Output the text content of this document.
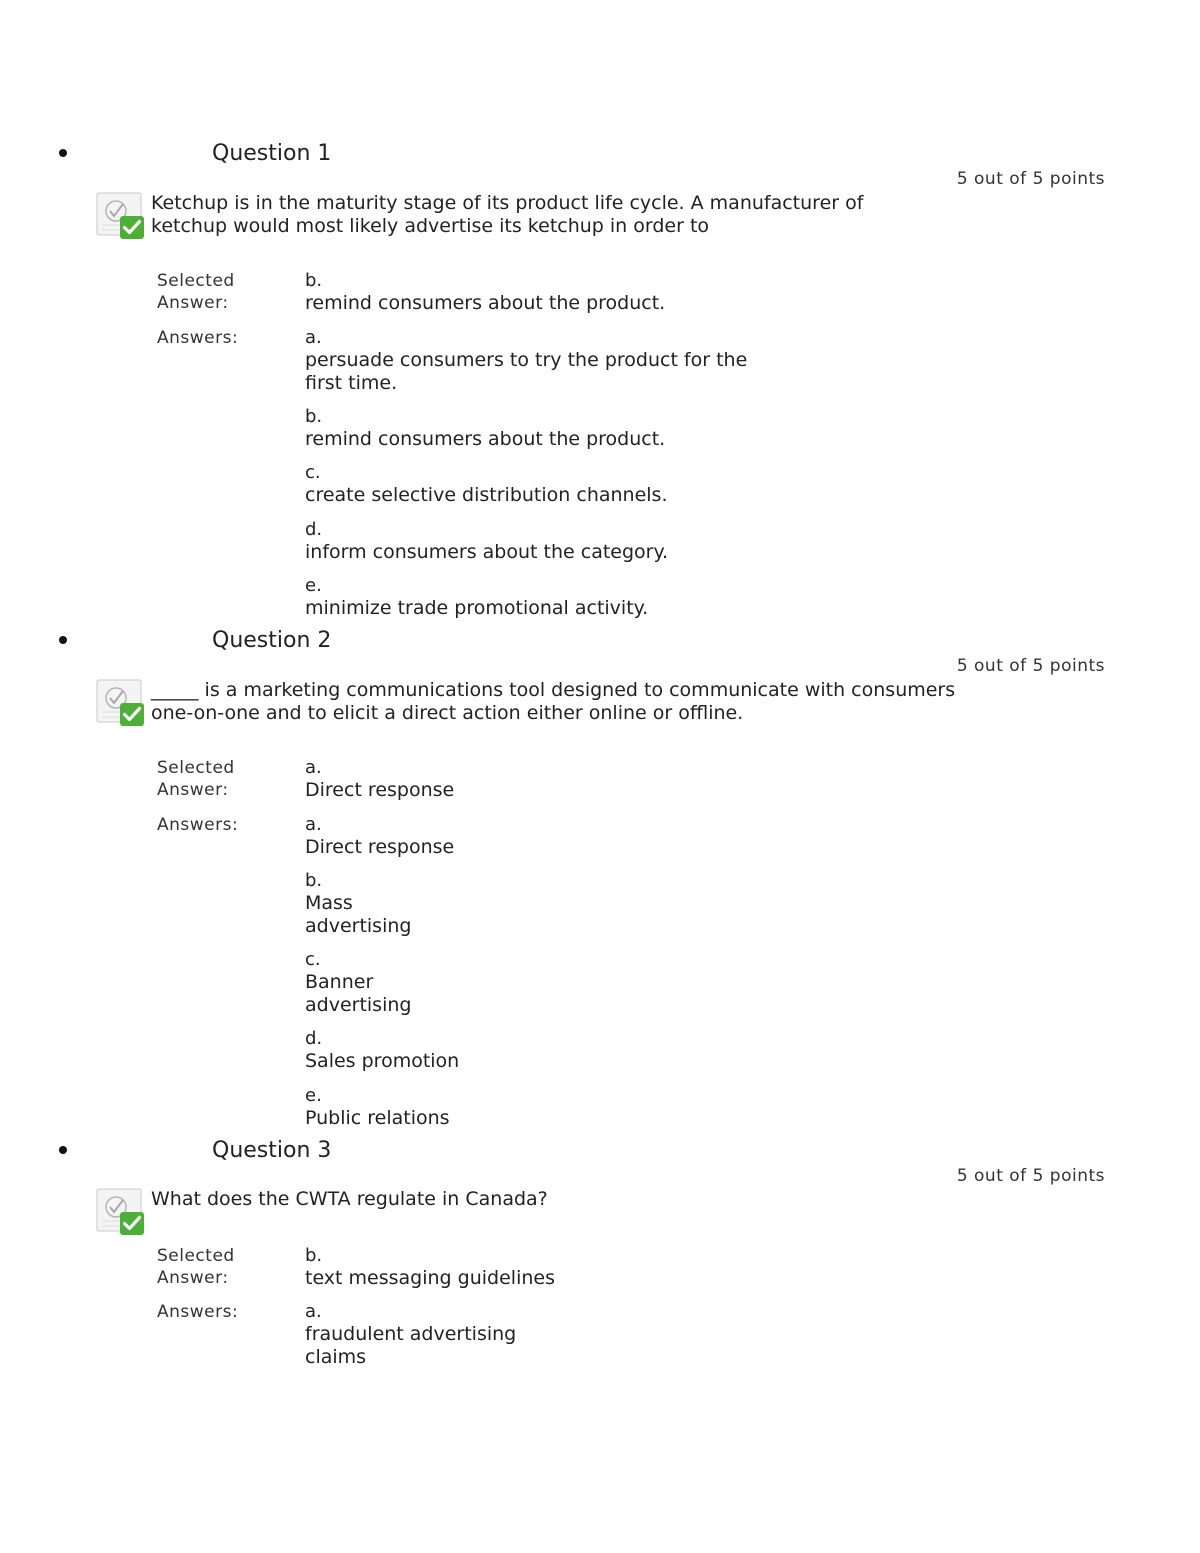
Question 1
5 out of 5 points
Ketchup is in the maturity stage of its product life cycle. A manufacturer of ketchup would most likely advertise its ketchup in order to
Selected Answer:
b.
remind consumers about the product.
Answers:	a.
persuade consumers to try the product for the first time.
b.
remind consumers about the product.
c.
create selective distribution channels.
d.
inform consumers about the category.
e.
minimize trade promotional activity.
Question 2
5 out of 5 points
_____ is a marketing communications tool designed to communicate with consumers one-on-one and to elicit a direct action either online or offline.
Selected Answer:
a.
Direct response
Answers:	a.
Direct response
b.
Mass advertising
c.
Banner advertising
d.
Sales promotion
e.
Public relations
Question 3
5 out of 5 points
What does the CWTA regulate in Canada?
Selected Answer:
b.
text messaging guidelines
Answers:	a.
fraudulent advertising claims
